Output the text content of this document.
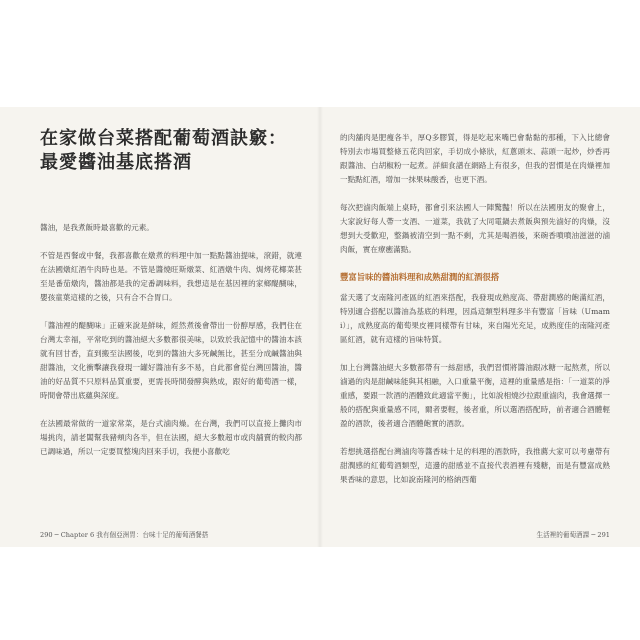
在家做台菜搭配葡萄酒訣竅：
最愛醬油基底搭酒

醬油，是我煮飯時最喜歡的元素。

不管是西餐或中餐，我都喜歡在燉煮的料理中加一點點醬油提味，滾錯，就連在法國燉紅酒牛肉時也是。不管是醬燒旺斯燉菜、紅酒燉牛肉、焗烤花椰菜甚至是番茄燉肉，醬油都是我的定番調味料，我想這是在基因裡的家鄉醍醐味，嬰孩童葉這樣的之後，只有合不合胃口。

「醬油裡的醍醐味」正確來說是鮮味，經然煮後會帶出一份醇厚感，我們住在台灣太幸福，平常吃到的醬油絕大多數都很美味，以致於我記憶中的醬油本該就有回甘香，直到搬至法國後，吃到的醬油大多死鹹無比，甚至分成鹹醬油與甜醬油，文化衝擊讓我發現一罐好醬油有多不易，自此都會從台灣回醬油，醬油的好品質不只原料品質重要，更需長時間發酵與熟成，跟好的葡萄酒一樣，時間會帶出底蘊與深度。

在法國最常做的一道家常菜，是台式滷肉燥。在台灣，我們可以直接上攤肉市場挑肉，請老闆幫我豬頰肉各半，但在法國，絕大多數超市或肉舖賣的較肉都已調味過，所以一定要買整塊肉回來手切，我便小喜歡吃

290 ─ Chapter 6 我有個亞洲胃：台味十足的葡萄酒餐搭

的肉舖肉是肥瘦各半，厚Q多膠質，得是吃起來嘴巴會黏黏的那種，下入比總會特別去市場買整條五花肉回家，手切成小條狀，紅蔥頭末、蒜頭一起炒，炒香再跟醬油、白胡椒粉一起煮。詳細食譜在網路上有很多，但我的習慣是在肉燥裡加一點點紅酒，增加一抹果味酸香，也更下酒。

每次把滷肉飯端上桌時，都會引來法國人一陣驚豔！所以在法國朋友的聚會上，大家說好每人帶一支酒、一道菜，我就了大同電鍋去煮飯與預先滷好的肉燥，沒想到大受歡迎，整鍋被清空到一點不剩，尤其是喝酒後，來碗香噴噴油滋滋的滷肉飯，實在療癒滿點。

豐富旨味的醬油料理和成熟甜潤的紅酒很搭

當天選了支南隆河產區的紅酒來搭配，我發現成熟度高、帶甜潤感的飽滿紅酒，特別適合搭配以醬油為基底的料理，因爲這類型料理多半有豐富「旨味（Umami）」，成熟度高的葡萄果皮裡同樣帶有甘味，來自陽光充足，成熟度佳的南隆河產區紅酒，就有這樣的旨味特質。

加上台灣醬油絕大多數都帶有一絲甜感，我們習慣將醬油跟冰糖一起熬煮，所以滷過的肉是甜鹹味能與其相融，入口重量平衡，這裡的重量感是指：「一道菜的淨重感，要跟一款酒的酒體致此適當平衡」，比如說相燒沙拉跟重滷肉，我會選擇一般的搭配與重量感不同，爾者要輕，後者重，所以選酒搭配時，前者適合酒體輕盈的酒款，後者適合酒體飽實的酒款。

若想挑選搭配台灣滷肉等醬香味十足的料理的酒款時，我推薦大家可以考慮帶有甜潤感的紅葡萄酒類型，這邊的甜感並不直接代表酒裡有殘糖，而是有豐富成熟果香味的意思，比如說南隆河的格納西葡

生活裡的葡萄酒課 ─ 291
